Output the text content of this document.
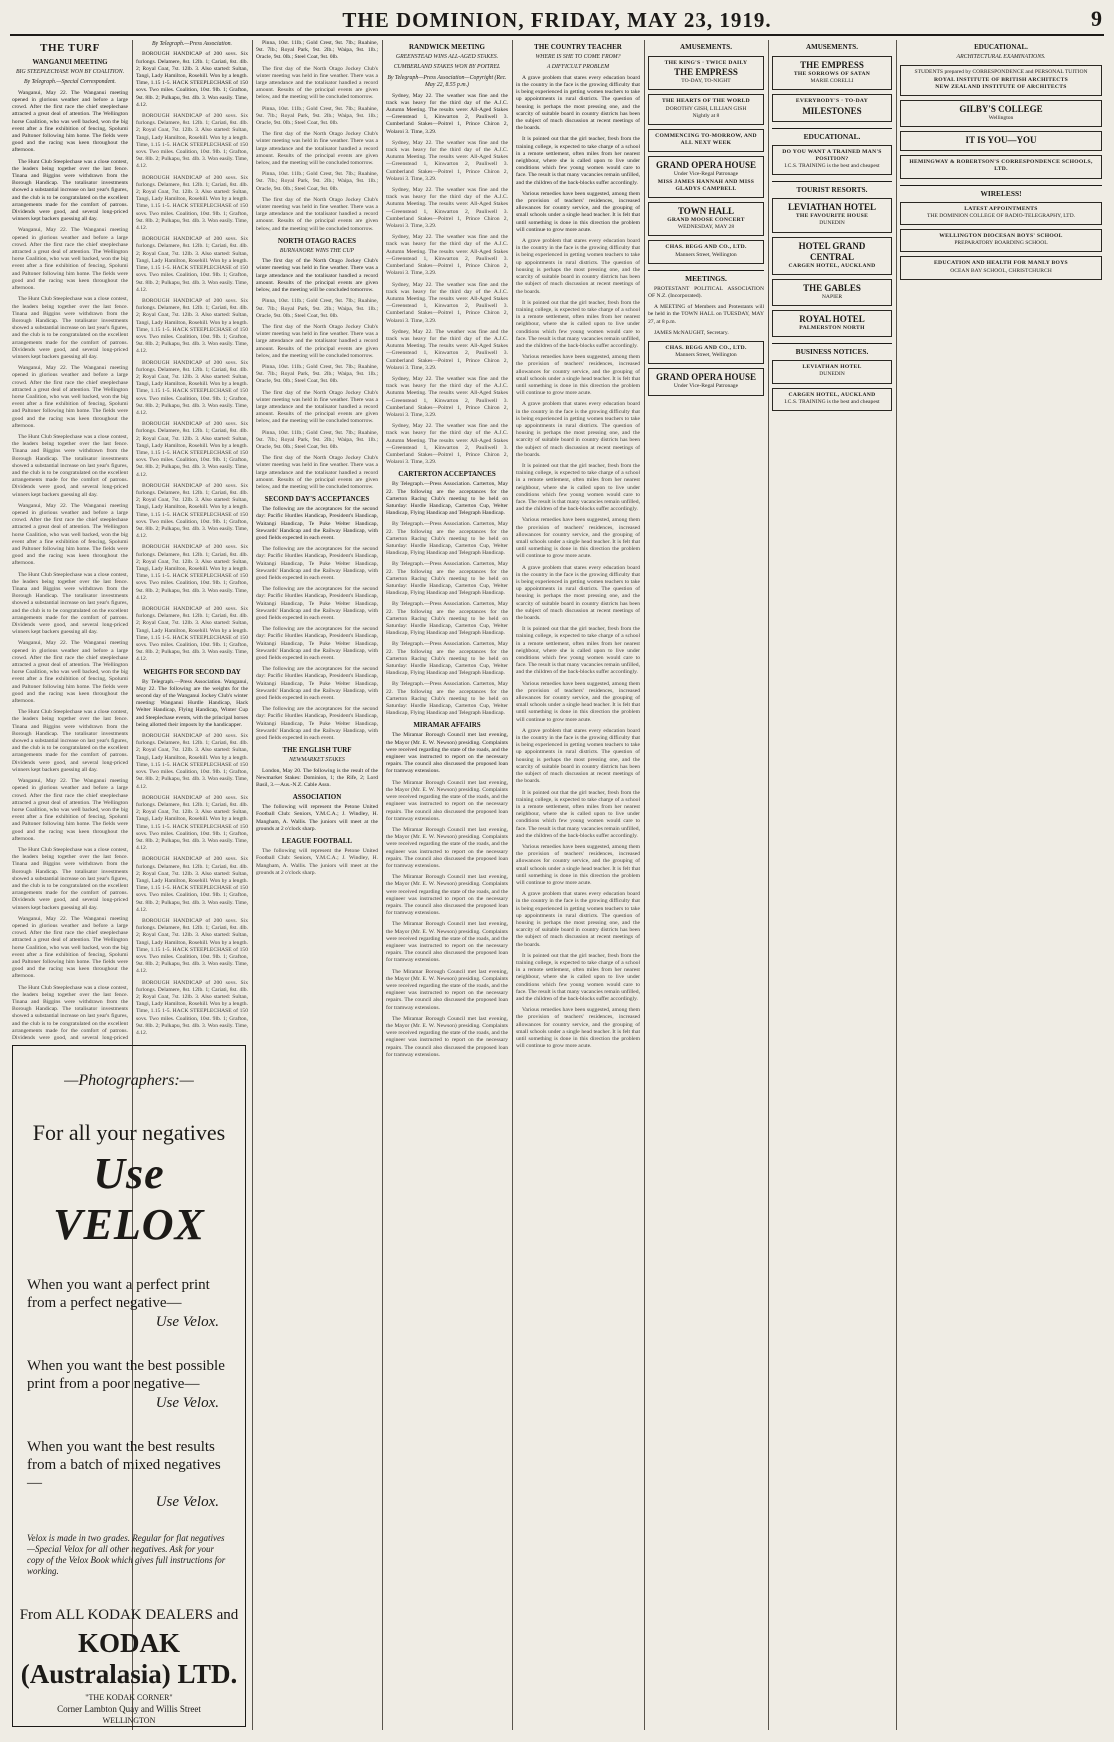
THE DOMINION, FRIDAY, MAY 23, 1919.	9
THE TURF
WANGANUI MEETING
BIG STEEPLECHASE WON BY COALITION.
By Telegraph.—Special Correspondent.

Wanganui, May 22. The Wanganui meeting opened in glorious weather and before a large crowd. After the first race the chief steeplechase attracted a great deal of attention. The Wellington horse Coalition, who was well backed, won the big event after a fine exhibition of fencing, Spolumi and Paltoner following him home. The fields were good and the racing was keen throughout the afternoon.

The Hunt Club Steeplechase was a close contest, the leaders being together over the last fence. Tinana and Biggins were withdrawn from the Borough Handicap. The totalisator investments showed a substantial increase on last year's figures, and the club is to be congratulated on the excellent arrangements made for the comfort of patrons. Dividends were good, and several long-priced winners kept backers guessing all day.

Wanganui, May 22. The Wanganui meeting opened in glorious weather and before a large crowd. After the first race the chief steeplechase attracted a great deal of attention. The Wellington horse Coalition, who was well backed, won the big event after a fine exhibition of fencing, Spolumi and Paltoner following him home. The fields were good and the racing was keen throughout the afternoon.

The Hunt Club Steeplechase was a close contest, the leaders being together over the last fence. Tinana and Biggins were withdrawn from the Borough Handicap. The totalisator investments showed a substantial increase on last year's figures, and the club is to be congratulated on the excellent arrangements made for the comfort of patrons. Dividends were good, and several long-priced winners kept backers guessing all day.

Wanganui, May 22. The Wanganui meeting opened in glorious weather and before a large crowd. After the first race the chief steeplechase attracted a great deal of attention. The Wellington horse Coalition, who was well backed, won the big event after a fine exhibition of fencing, Spolumi and Paltoner following him home. The fields were good and the racing was keen throughout the afternoon.

The Hunt Club Steeplechase was a close contest, the leaders being together over the last fence. Tinana and Biggins were withdrawn from the Borough Handicap. The totalisator investments showed a substantial increase on last year's figures, and the club is to be congratulated on the excellent arrangements made for the comfort of patrons. Dividends were good, and several long-priced winners kept backers guessing all day.

Wanganui, May 22. The Wanganui meeting opened in glorious weather and before a large crowd. After the first race the chief steeplechase attracted a great deal of attention. The Wellington horse Coalition, who was well backed, won the big event after a fine exhibition of fencing, Spolumi and Paltoner following him home. The fields were good and the racing was keen throughout the afternoon.

The Hunt Club Steeplechase was a close contest, the leaders being together over the last fence. Tinana and Biggins were withdrawn from the Borough Handicap. The totalisator investments showed a substantial increase on last year's figures, and the club is to be congratulated on the excellent arrangements made for the comfort of patrons. Dividends were good, and several long-priced winners kept backers guessing all day.

Wanganui, May 22. The Wanganui meeting opened in glorious weather and before a large crowd. After the first race the chief steeplechase attracted a great deal of attention. The Wellington horse Coalition, who was well backed, won the big event after a fine exhibition of fencing, Spolumi and Paltoner following him home. The fields were good and the racing was keen throughout the afternoon.

The Hunt Club Steeplechase was a close contest, the leaders being together over the last fence. Tinana and Biggins were withdrawn from the Borough Handicap. The totalisator investments showed a substantial increase on last year's figures, and the club is to be congratulated on the excellent arrangements made for the comfort of patrons. Dividends were good, and several long-priced winners kept backers guessing all day.

Wanganui, May 22. The Wanganui meeting opened in glorious weather and before a large crowd. After the first race the chief steeplechase attracted a great deal of attention. The Wellington horse Coalition, who was well backed, won the big event after a fine exhibition of fencing, Spolumi and Paltoner following him home. The fields were good and the racing was keen throughout the afternoon.

The Hunt Club Steeplechase was a close contest, the leaders being together over the last fence. Tinana and Biggins were withdrawn from the Borough Handicap. The totalisator investments showed a substantial increase on last year's figures, and the club is to be congratulated on the excellent arrangements made for the comfort of patrons. Dividends were good, and several long-priced winners kept backers guessing all day.

Wanganui, May 22. The Wanganui meeting opened in glorious weather and before a large crowd. After the first race the chief steeplechase attracted a great deal of attention. The Wellington horse Coalition, who was well backed, won the big event after a fine exhibition of fencing, Spolumi and Paltoner following him home. The fields were good and the racing was keen throughout the afternoon.

The Hunt Club Steeplechase was a close contest, the leaders being together over the last fence. Tinana and Biggins were withdrawn from the Borough Handicap. The totalisator investments showed a substantial increase on last year's figures, and the club is to be congratulated on the excellent arrangements made for the comfort of patrons. Dividends were good, and several long-priced

By Telegraph.—Press Association.

BOROUGH HANDICAP of 200 sovs. Six furlongs. Delamere, 8st. 12lb. 1; Cariati, 8st. 4lb. 2; Royal Coat, 7st. 12lb. 3. Also started: Sultan, Tangi, Lady Hamilton, Rosehill. Won by a length. Time, 1.15 1-5. HACK STEEPLECHASE of 150 sovs. Two miles. Coalition, 10st. 9lb. 1; Grafton, 9st. 8lb. 2; Pulkapu, 9st. 4lb. 3. Won easily. Time, 4.12.

BOROUGH HANDICAP of 200 sovs. Six furlongs. Delamere, 8st. 12lb. 1; Cariati, 8st. 4lb. 2; Royal Coat, 7st. 12lb. 3. Also started: Sultan, Tangi, Lady Hamilton, Rosehill. Won by a length. Time, 1.15 1-5. HACK STEEPLECHASE of 150 sovs. Two miles. Coalition, 10st. 9lb. 1; Grafton, 9st. 8lb. 2; Pulkapu, 9st. 4lb. 3. Won easily. Time, 4.12.

BOROUGH HANDICAP of 200 sovs. Six furlongs. Delamere, 8st. 12lb. 1; Cariati, 8st. 4lb. 2; Royal Coat, 7st. 12lb. 3. Also started: Sultan, Tangi, Lady Hamilton, Rosehill. Won by a length. Time, 1.15 1-5. HACK STEEPLECHASE of 150 sovs. Two miles. Coalition, 10st. 9lb. 1; Grafton, 9st. 8lb. 2; Pulkapu, 9st. 4lb. 3. Won easily. Time, 4.12.

BOROUGH HANDICAP of 200 sovs. Six furlongs. Delamere, 8st. 12lb. 1; Cariati, 8st. 4lb. 2; Royal Coat, 7st. 12lb. 3. Also started: Sultan, Tangi, Lady Hamilton, Rosehill. Won by a length. Time, 1.15 1-5. HACK STEEPLECHASE of 150 sovs. Two miles. Coalition, 10st. 9lb. 1; Grafton, 9st. 8lb. 2; Pulkapu, 9st. 4lb. 3. Won easily. Time, 4.12.

BOROUGH HANDICAP of 200 sovs. Six furlongs. Delamere, 8st. 12lb. 1; Cariati, 8st. 4lb. 2; Royal Coat, 7st. 12lb. 3. Also started: Sultan, Tangi, Lady Hamilton, Rosehill. Won by a length. Time, 1.15 1-5. HACK STEEPLECHASE of 150 sovs. Two miles. Coalition, 10st. 9lb. 1; Grafton, 9st. 8lb. 2; Pulkapu, 9st. 4lb. 3. Won easily. Time, 4.12.

BOROUGH HANDICAP of 200 sovs. Six furlongs. Delamere, 8st. 12lb. 1; Cariati, 8st. 4lb. 2; Royal Coat, 7st. 12lb. 3. Also started: Sultan, Tangi, Lady Hamilton, Rosehill. Won by a length. Time, 1.15 1-5. HACK STEEPLECHASE of 150 sovs. Two miles. Coalition, 10st. 9lb. 1; Grafton, 9st. 8lb. 2; Pulkapu, 9st. 4lb. 3. Won easily. Time, 4.12.

BOROUGH HANDICAP of 200 sovs. Six furlongs. Delamere, 8st. 12lb. 1; Cariati, 8st. 4lb. 2; Royal Coat, 7st. 12lb. 3. Also started: Sultan, Tangi, Lady Hamilton, Rosehill. Won by a length. Time, 1.15 1-5. HACK STEEPLECHASE of 150 sovs. Two miles. Coalition, 10st. 9lb. 1; Grafton, 9st. 8lb. 2; Pulkapu, 9st. 4lb. 3. Won easily. Time, 4.12.

BOROUGH HANDICAP of 200 sovs. Six furlongs. Delamere, 8st. 12lb. 1; Cariati, 8st. 4lb. 2; Royal Coat, 7st. 12lb. 3. Also started: Sultan, Tangi, Lady Hamilton, Rosehill. Won by a length. Time, 1.15 1-5. HACK STEEPLECHASE of 150 sovs. Two miles. Coalition, 10st. 9lb. 1; Grafton, 9st. 8lb. 2; Pulkapu, 9st. 4lb. 3. Won easily. Time, 4.12.

BOROUGH HANDICAP of 200 sovs. Six furlongs. Delamere, 8st. 12lb. 1; Cariati, 8st. 4lb. 2; Royal Coat, 7st. 12lb. 3. Also started: Sultan, Tangi, Lady Hamilton, Rosehill. Won by a length. Time, 1.15 1-5. HACK STEEPLECHASE of 150 sovs. Two miles. Coalition, 10st. 9lb. 1; Grafton, 9st. 8lb. 2; Pulkapu, 9st. 4lb. 3. Won easily. Time, 4.12.

BOROUGH HANDICAP of 200 sovs. Six furlongs. Delamere, 8st. 12lb. 1; Cariati, 8st. 4lb. 2; Royal Coat, 7st. 12lb. 3. Also started: Sultan, Tangi, Lady Hamilton, Rosehill. Won by a length. Time, 1.15 1-5. HACK STEEPLECHASE of 150 sovs. Two miles. Coalition, 10st. 9lb. 1; Grafton, 9st. 8lb. 2; Pulkapu, 9st. 4lb. 3. Won easily. Time, 4.12.

WEIGHTS FOR SECOND DAY

By Telegraph.—Press Association. Wanganui, May 22. The following are the weights for the second day of the Wanganui Jockey Club's winter meeting: Wanganui Hurdle Handicap, Hack Welter Handicap, Flying Handicap, Winter Cup and Steeplechase events, with the principal horses being allotted their imposts by the handicapper.

BOROUGH HANDICAP of 200 sovs. Six furlongs. Delamere, 8st. 12lb. 1; Cariati, 8st. 4lb. 2; Royal Coat, 7st. 12lb. 3. Also started: Sultan, Tangi, Lady Hamilton, Rosehill. Won by a length. Time, 1.15 1-5. HACK STEEPLECHASE of 150 sovs. Two miles. Coalition, 10st. 9lb. 1; Grafton, 9st. 8lb. 2; Pulkapu, 9st. 4lb. 3. Won easily. Time, 4.12.

BOROUGH HANDICAP of 200 sovs. Six furlongs. Delamere, 8st. 12lb. 1; Cariati, 8st. 4lb. 2; Royal Coat, 7st. 12lb. 3. Also started: Sultan, Tangi, Lady Hamilton, Rosehill. Won by a length. Time, 1.15 1-5. HACK STEEPLECHASE of 150 sovs. Two miles. Coalition, 10st. 9lb. 1; Grafton, 9st. 8lb. 2; Pulkapu, 9st. 4lb. 3. Won easily. Time, 4.12.

BOROUGH HANDICAP of 200 sovs. Six furlongs. Delamere, 8st. 12lb. 1; Cariati, 8st. 4lb. 2; Royal Coat, 7st. 12lb. 3. Also started: Sultan, Tangi, Lady Hamilton, Rosehill. Won by a length. Time, 1.15 1-5. HACK STEEPLECHASE of 150 sovs. Two miles. Coalition, 10st. 9lb. 1; Grafton, 9st. 8lb. 2; Pulkapu, 9st. 4lb. 3. Won easily. Time, 4.12.

BOROUGH HANDICAP of 200 sovs. Six furlongs. Delamere, 8st. 12lb. 1; Cariati, 8st. 4lb. 2; Royal Coat, 7st. 12lb. 3. Also started: Sultan, Tangi, Lady Hamilton, Rosehill. Won by a length. Time, 1.15 1-5. HACK STEEPLECHASE of 150 sovs. Two miles. Coalition, 10st. 9lb. 1; Grafton, 9st. 8lb. 2; Pulkapu, 9st. 4lb. 3. Won easily. Time, 4.12.

BOROUGH HANDICAP of 200 sovs. Six furlongs. Delamere, 8st. 12lb. 1; Cariati, 8st. 4lb. 2; Royal Coat, 7st. 12lb. 3. Also started: Sultan, Tangi, Lady Hamilton, Rosehill. Won by a length. Time, 1.15 1-5. HACK STEEPLECHASE of 150 sovs. Two miles. Coalition, 10st. 9lb. 1; Grafton, 9st. 8lb. 2; Pulkapu, 9st. 4lb. 3. Won easily. Time, 4.12.

—Photographers:—
For all your negatives
Use VELOX
When you want a perfect print from a perfect negative—
Use Velox.
When you want the best possible print from a poor negative—
Use Velox.
When you want the best results from a batch of mixed negatives—
Use Velox.
Velox is made in two grades. Regular for flat negatives—Special Velox for all other negatives. Ask for your copy of the Velox Book which gives full instructions for working.
From ALL KODAK DEALERS and
KODAK (Australasia) LTD.
"THE KODAK CORNER"
Corner Lambton Quay and Willis Street
WELLINGTON

Pinna, 10st. 11lb.; Gold Crest, 9st. 7lb.; Ruahine, 9st. 7lb.; Royal Park, 9st. 2lb.; Waipa, 9st. 1lb.; Oracle, 9st. 0lb.; Steel Coat, 9st. 0lb.

The first day of the North Otago Jockey Club's winter meeting was held in fine weather. There was a large attendance and the totalisator handled a record amount. Results of the principal events are given below, and the meeting will be concluded tomorrow.

Pinna, 10st. 11lb.; Gold Crest, 9st. 7lb.; Ruahine, 9st. 7lb.; Royal Park, 9st. 2lb.; Waipa, 9st. 1lb.; Oracle, 9st. 0lb.; Steel Coat, 9st. 0lb.

The first day of the North Otago Jockey Club's winter meeting was held in fine weather. There was a large attendance and the totalisator handled a record amount. Results of the principal events are given below, and the meeting will be concluded tomorrow.

Pinna, 10st. 11lb.; Gold Crest, 9st. 7lb.; Ruahine, 9st. 7lb.; Royal Park, 9st. 2lb.; Waipa, 9st. 1lb.; Oracle, 9st. 0lb.; Steel Coat, 9st. 0lb.

The first day of the North Otago Jockey Club's winter meeting was held in fine weather. There was a large attendance and the totalisator handled a record amount. Results of the principal events are given below, and the meeting will be concluded tomorrow.

NORTH OTAGO RACES
BURNANORE WINS THE CUP

The first day of the North Otago Jockey Club's winter meeting was held in fine weather. There was a large attendance and the totalisator handled a record amount. Results of the principal events are given below, and the meeting will be concluded tomorrow.

Pinna, 10st. 11lb.; Gold Crest, 9st. 7lb.; Ruahine, 9st. 7lb.; Royal Park, 9st. 2lb.; Waipa, 9st. 1lb.; Oracle, 9st. 0lb.; Steel Coat, 9st. 0lb.

The first day of the North Otago Jockey Club's winter meeting was held in fine weather. There was a large attendance and the totalisator handled a record amount. Results of the principal events are given below, and the meeting will be concluded tomorrow.

Pinna, 10st. 11lb.; Gold Crest, 9st. 7lb.; Ruahine, 9st. 7lb.; Royal Park, 9st. 2lb.; Waipa, 9st. 1lb.; Oracle, 9st. 0lb.; Steel Coat, 9st. 0lb.

The first day of the North Otago Jockey Club's winter meeting was held in fine weather. There was a large attendance and the totalisator handled a record amount. Results of the principal events are given below, and the meeting will be concluded tomorrow.

Pinna, 10st. 11lb.; Gold Crest, 9st. 7lb.; Ruahine, 9st. 7lb.; Royal Park, 9st. 2lb.; Waipa, 9st. 1lb.; Oracle, 9st. 0lb.; Steel Coat, 9st. 0lb.

The first day of the North Otago Jockey Club's winter meeting was held in fine weather. There was a large attendance and the totalisator handled a record amount. Results of the principal events are given below, and the meeting will be concluded tomorrow.

SECOND DAY'S ACCEPTANCES

The following are the acceptances for the second day: Pacific Hurdles Handicap, President's Handicap, Waitangi Handicap, Te Puke Welter Handicap, Stewards' Handicap and the Railway Handicap, with good fields expected in each event.

The following are the acceptances for the second day: Pacific Hurdles Handicap, President's Handicap, Waitangi Handicap, Te Puke Welter Handicap, Stewards' Handicap and the Railway Handicap, with good fields expected in each event.

The following are the acceptances for the second day: Pacific Hurdles Handicap, President's Handicap, Waitangi Handicap, Te Puke Welter Handicap, Stewards' Handicap and the Railway Handicap, with good fields expected in each event.

The following are the acceptances for the second day: Pacific Hurdles Handicap, President's Handicap, Waitangi Handicap, Te Puke Welter Handicap, Stewards' Handicap and the Railway Handicap, with good fields expected in each event.

The following are the acceptances for the second day: Pacific Hurdles Handicap, President's Handicap, Waitangi Handicap, Te Puke Welter Handicap, Stewards' Handicap and the Railway Handicap, with good fields expected in each event.

The following are the acceptances for the second day: Pacific Hurdles Handicap, President's Handicap, Waitangi Handicap, Te Puke Welter Handicap, Stewards' Handicap and the Railway Handicap, with good fields expected in each event.

THE ENGLISH TURF
NEWMARKET STAKES

London, May 20. The following is the result of the Newmarket Stakes: Dominion, 1; the Rife, 2; Lord Basil, 3.—Aus.-N.Z. Cable Assn.

ASSOCIATION

The following will represent the Petone United Football Club: Seniors, Y.M.C.A.; J. Windley, H. Mangham, A. Wallis. The juniors will meet at the grounds at 2 o'clock sharp.

LEAGUE FOOTBALL

The following will represent the Petone United Football Club: Seniors, Y.M.C.A.; J. Windley, H. Mangham, A. Wallis. The juniors will meet at the grounds at 2 o'clock sharp.

RANDWICK MEETING
GREENSTEAD WINS ALL-AGED STAKES.
CUMBERLAND STAKES WON BY POITREL
By Telegraph—Press Association—Copyright (Rec. May 22, 8.55 p.m.)

Sydney, May 22. The weather was fine and the track was heavy for the third day of the A.J.C. Autumn Meeting. The results were: All-Aged Stakes—Greenstead 1, Kinwarton 2, Pauliwell 3. Cumberland Stakes—Poitrel 1, Prince Chiron 2, Wolaroi 3. Time, 3.29.

Sydney, May 22. The weather was fine and the track was heavy for the third day of the A.J.C. Autumn Meeting. The results were: All-Aged Stakes—Greenstead 1, Kinwarton 2, Pauliwell 3. Cumberland Stakes—Poitrel 1, Prince Chiron 2, Wolaroi 3. Time, 3.29.

Sydney, May 22. The weather was fine and the track was heavy for the third day of the A.J.C. Autumn Meeting. The results were: All-Aged Stakes—Greenstead 1, Kinwarton 2, Pauliwell 3. Cumberland Stakes—Poitrel 1, Prince Chiron 2, Wolaroi 3. Time, 3.29.

Sydney, May 22. The weather was fine and the track was heavy for the third day of the A.J.C. Autumn Meeting. The results were: All-Aged Stakes—Greenstead 1, Kinwarton 2, Pauliwell 3. Cumberland Stakes—Poitrel 1, Prince Chiron 2, Wolaroi 3. Time, 3.29.

Sydney, May 22. The weather was fine and the track was heavy for the third day of the A.J.C. Autumn Meeting. The results were: All-Aged Stakes—Greenstead 1, Kinwarton 2, Pauliwell 3. Cumberland Stakes—Poitrel 1, Prince Chiron 2, Wolaroi 3. Time, 3.29.

Sydney, May 22. The weather was fine and the track was heavy for the third day of the A.J.C. Autumn Meeting. The results were: All-Aged Stakes—Greenstead 1, Kinwarton 2, Pauliwell 3. Cumberland Stakes—Poitrel 1, Prince Chiron 2, Wolaroi 3. Time, 3.29.

Sydney, May 22. The weather was fine and the track was heavy for the third day of the A.J.C. Autumn Meeting. The results were: All-Aged Stakes—Greenstead 1, Kinwarton 2, Pauliwell 3. Cumberland Stakes—Poitrel 1, Prince Chiron 2, Wolaroi 3. Time, 3.29.

Sydney, May 22. The weather was fine and the track was heavy for the third day of the A.J.C. Autumn Meeting. The results were: All-Aged Stakes—Greenstead 1, Kinwarton 2, Pauliwell 3. Cumberland Stakes—Poitrel 1, Prince Chiron 2, Wolaroi 3. Time, 3.29.

CARTERTON ACCEPTANCES

By Telegraph.—Press Association. Carterton, May 22. The following are the acceptances for the Carterton Racing Club's meeting to be held on Saturday: Hurdle Handicap, Carterton Cup, Welter Handicap, Flying Handicap and Telegraph Handicap.

By Telegraph.—Press Association. Carterton, May 22. The following are the acceptances for the Carterton Racing Club's meeting to be held on Saturday: Hurdle Handicap, Carterton Cup, Welter Handicap, Flying Handicap and Telegraph Handicap.

By Telegraph.—Press Association. Carterton, May 22. The following are the acceptances for the Carterton Racing Club's meeting to be held on Saturday: Hurdle Handicap, Carterton Cup, Welter Handicap, Flying Handicap and Telegraph Handicap.

By Telegraph.—Press Association. Carterton, May 22. The following are the acceptances for the Carterton Racing Club's meeting to be held on Saturday: Hurdle Handicap, Carterton Cup, Welter Handicap, Flying Handicap and Telegraph Handicap.

By Telegraph.—Press Association. Carterton, May 22. The following are the acceptances for the Carterton Racing Club's meeting to be held on Saturday: Hurdle Handicap, Carterton Cup, Welter Handicap, Flying Handicap and Telegraph Handicap.

By Telegraph.—Press Association. Carterton, May 22. The following are the acceptances for the Carterton Racing Club's meeting to be held on Saturday: Hurdle Handicap, Carterton Cup, Welter Handicap, Flying Handicap and Telegraph Handicap.

MIRAMAR AFFAIRS

The Miramar Borough Council met last evening, the Mayor (Mr. E. W. Newson) presiding. Complaints were received regarding the state of the roads, and the engineer was instructed to report on the necessary repairs. The council also discussed the proposed loan for tramway extensions.

The Miramar Borough Council met last evening, the Mayor (Mr. E. W. Newson) presiding. Complaints were received regarding the state of the roads, and the engineer was instructed to report on the necessary repairs. The council also discussed the proposed loan for tramway extensions.

The Miramar Borough Council met last evening, the Mayor (Mr. E. W. Newson) presiding. Complaints were received regarding the state of the roads, and the engineer was instructed to report on the necessary repairs. The council also discussed the proposed loan for tramway extensions.

The Miramar Borough Council met last evening, the Mayor (Mr. E. W. Newson) presiding. Complaints were received regarding the state of the roads, and the engineer was instructed to report on the necessary repairs. The council also discussed the proposed loan for tramway extensions.

The Miramar Borough Council met last evening, the Mayor (Mr. E. W. Newson) presiding. Complaints were received regarding the state of the roads, and the engineer was instructed to report on the necessary repairs. The council also discussed the proposed loan for tramway extensions.

The Miramar Borough Council met last evening, the Mayor (Mr. E. W. Newson) presiding. Complaints were received regarding the state of the roads, and the engineer was instructed to report on the necessary repairs. The council also discussed the proposed loan for tramway extensions.

The Miramar Borough Council met last evening, the Mayor (Mr. E. W. Newson) presiding. Complaints were received regarding the state of the roads, and the engineer was instructed to report on the necessary repairs. The council also discussed the proposed loan for tramway extensions.

THE COUNTRY TEACHER
WHERE IS SHE TO COME FROM?
A DIFFICULT PROBLEM

A grave problem that stares every education board in the country in the face is the growing difficulty that is being experienced in getting women teachers to take up appointments in rural districts. The question of housing is perhaps the most pressing one, and the scarcity of suitable board in country districts has been the subject of much discussion at recent meetings of the boards.

It is pointed out that the girl teacher, fresh from the training college, is expected to take charge of a school in a remote settlement, often miles from her nearest neighbour, where she is called upon to live under conditions which few young women would care to face. The result is that many vacancies remain unfilled, and the children of the back-blocks suffer accordingly.

Various remedies have been suggested, among them the provision of teachers' residences, increased allowances for country service, and the grouping of small schools under a single head teacher. It is felt that until something is done in this direction the problem will continue to grow more acute.

A grave problem that stares every education board in the country in the face is the growing difficulty that is being experienced in getting women teachers to take up appointments in rural districts. The question of housing is perhaps the most pressing one, and the scarcity of suitable board in country districts has been the subject of much discussion at recent meetings of the boards.

It is pointed out that the girl teacher, fresh from the training college, is expected to take charge of a school in a remote settlement, often miles from her nearest neighbour, where she is called upon to live under conditions which few young women would care to face. The result is that many vacancies remain unfilled, and the children of the back-blocks suffer accordingly.

Various remedies have been suggested, among them the provision of teachers' residences, increased allowances for country service, and the grouping of small schools under a single head teacher. It is felt that until something is done in this direction the problem will continue to grow more acute.

A grave problem that stares every education board in the country in the face is the growing difficulty that is being experienced in getting women teachers to take up appointments in rural districts. The question of housing is perhaps the most pressing one, and the scarcity of suitable board in country districts has been the subject of much discussion at recent meetings of the boards.

It is pointed out that the girl teacher, fresh from the training college, is expected to take charge of a school in a remote settlement, often miles from her nearest neighbour, where she is called upon to live under conditions which few young women would care to face. The result is that many vacancies remain unfilled, and the children of the back-blocks suffer accordingly.

Various remedies have been suggested, among them the provision of teachers' residences, increased allowances for country service, and the grouping of small schools under a single head teacher. It is felt that until something is done in this direction the problem will continue to grow more acute.

A grave problem that stares every education board in the country in the face is the growing difficulty that is being experienced in getting women teachers to take up appointments in rural districts. The question of housing is perhaps the most pressing one, and the scarcity of suitable board in country districts has been the subject of much discussion at recent meetings of the boards.

It is pointed out that the girl teacher, fresh from the training college, is expected to take charge of a school in a remote settlement, often miles from her nearest neighbour, where she is called upon to live under conditions which few young women would care to face. The result is that many vacancies remain unfilled, and the children of the back-blocks suffer accordingly.

Various remedies have been suggested, among them the provision of teachers' residences, increased allowances for country service, and the grouping of small schools under a single head teacher. It is felt that until something is done in this direction the problem will continue to grow more acute.

A grave problem that stares every education board in the country in the face is the growing difficulty that is being experienced in getting women teachers to take up appointments in rural districts. The question of housing is perhaps the most pressing one, and the scarcity of suitable board in country districts has been the subject of much discussion at recent meetings of the boards.

It is pointed out that the girl teacher, fresh from the training college, is expected to take charge of a school in a remote settlement, often miles from her nearest neighbour, where she is called upon to live under conditions which few young women would care to face. The result is that many vacancies remain unfilled, and the children of the back-blocks suffer accordingly.

Various remedies have been suggested, among them the provision of teachers' residences, increased allowances for country service, and the grouping of small schools under a single head teacher. It is felt that until something is done in this direction the problem will continue to grow more acute.

A grave problem that stares every education board in the country in the face is the growing difficulty that is being experienced in getting women teachers to take up appointments in rural districts. The question of housing is perhaps the most pressing one, and the scarcity of suitable board in country districts has been the subject of much discussion at recent meetings of the boards.

It is pointed out that the girl teacher, fresh from the training college, is expected to take charge of a school in a remote settlement, often miles from her nearest neighbour, where she is called upon to live under conditions which few young women would care to face. The result is that many vacancies remain unfilled, and the children of the back-blocks suffer accordingly.

Various remedies have been suggested, among them the provision of teachers' residences, increased allowances for country service, and the grouping of small schools under a single head teacher. It is felt that until something is done in this direction the problem will continue to grow more acute.

AMUSEMENTS.
THE KING'S · TWICE DAILY
THE EMPRESS
TO-DAY, TO-NIGHT
THE HEARTS OF THE WORLD
DOROTHY GISH, LILLIAN GISH
Nightly at 8
COMMENCING TO-MORROW, AND ALL NEXT WEEK
GRAND OPERA HOUSE
Under Vice-Regal Patronage
MISS JAMES HANNAH AND MISS GLADYS CAMPBELL
TOWN HALL
GRAND MOOSE CONCERT
WEDNESDAY, MAY 28
CHAS. BEGG AND CO., LTD.
Manners Street, Wellington
MEETINGS.

PROTESTANT POLITICAL ASSOCIATION OF N.Z. (Incorporated).

A MEETING of Members and Protestants will be held in the TOWN HALL on TUESDAY, MAY 27, at 8 p.m.

JAMES McNAUGHT, Secretary.

CHAS. BEGG AND CO., LTD.
Manners Street, Wellington
GRAND OPERA HOUSE
Under Vice-Regal Patronage
AMUSEMENTS.
THE EMPRESS
THE SORROWS OF SATAN
MARIE CORELLI
EVERYBODY'S · TO-DAY
MILESTONES
EDUCATIONAL.
DO YOU WANT A TRAINED MAN'S POSITION?
I.C.S. TRAINING is the best and cheapest
TOURIST RESORTS.
LEVIATHAN HOTEL
THE FAVOURITE HOUSE
DUNEDIN
HOTEL GRAND CENTRAL
CARGEN HOTEL, AUCKLAND
THE GABLES
NAPIER
ROYAL HOTEL
PALMERSTON NORTH
BUSINESS NOTICES.
LEVIATHAN HOTEL
DUNEDIN
CARGEN HOTEL, AUCKLAND
I.C.S. TRAINING is the best and cheapest
EDUCATIONAL.
ARCHITECTURAL EXAMINATIONS.
STUDENTS prepared by CORRESPONDENCE and PERSONAL TUITION
ROYAL INSTITUTE OF BRITISH ARCHITECTS
NEW ZEALAND INSTITUTE OF ARCHITECTS
GILBY'S COLLEGE
Wellington
IT IS YOU—YOU
HEMINGWAY & ROBERTSON'S CORRESPONDENCE SCHOOLS, LTD.
WIRELESS!
LATEST APPOINTMENTS
THE DOMINION COLLEGE OF RADIO-TELEGRAPHY, LTD.
WELLINGTON DIOCESAN BOYS' SCHOOL
PREPARATORY BOARDING SCHOOL
EDUCATION AND HEALTH FOR MANLY BOYS
OCEAN BAY SCHOOL, CHRISTCHURCH
